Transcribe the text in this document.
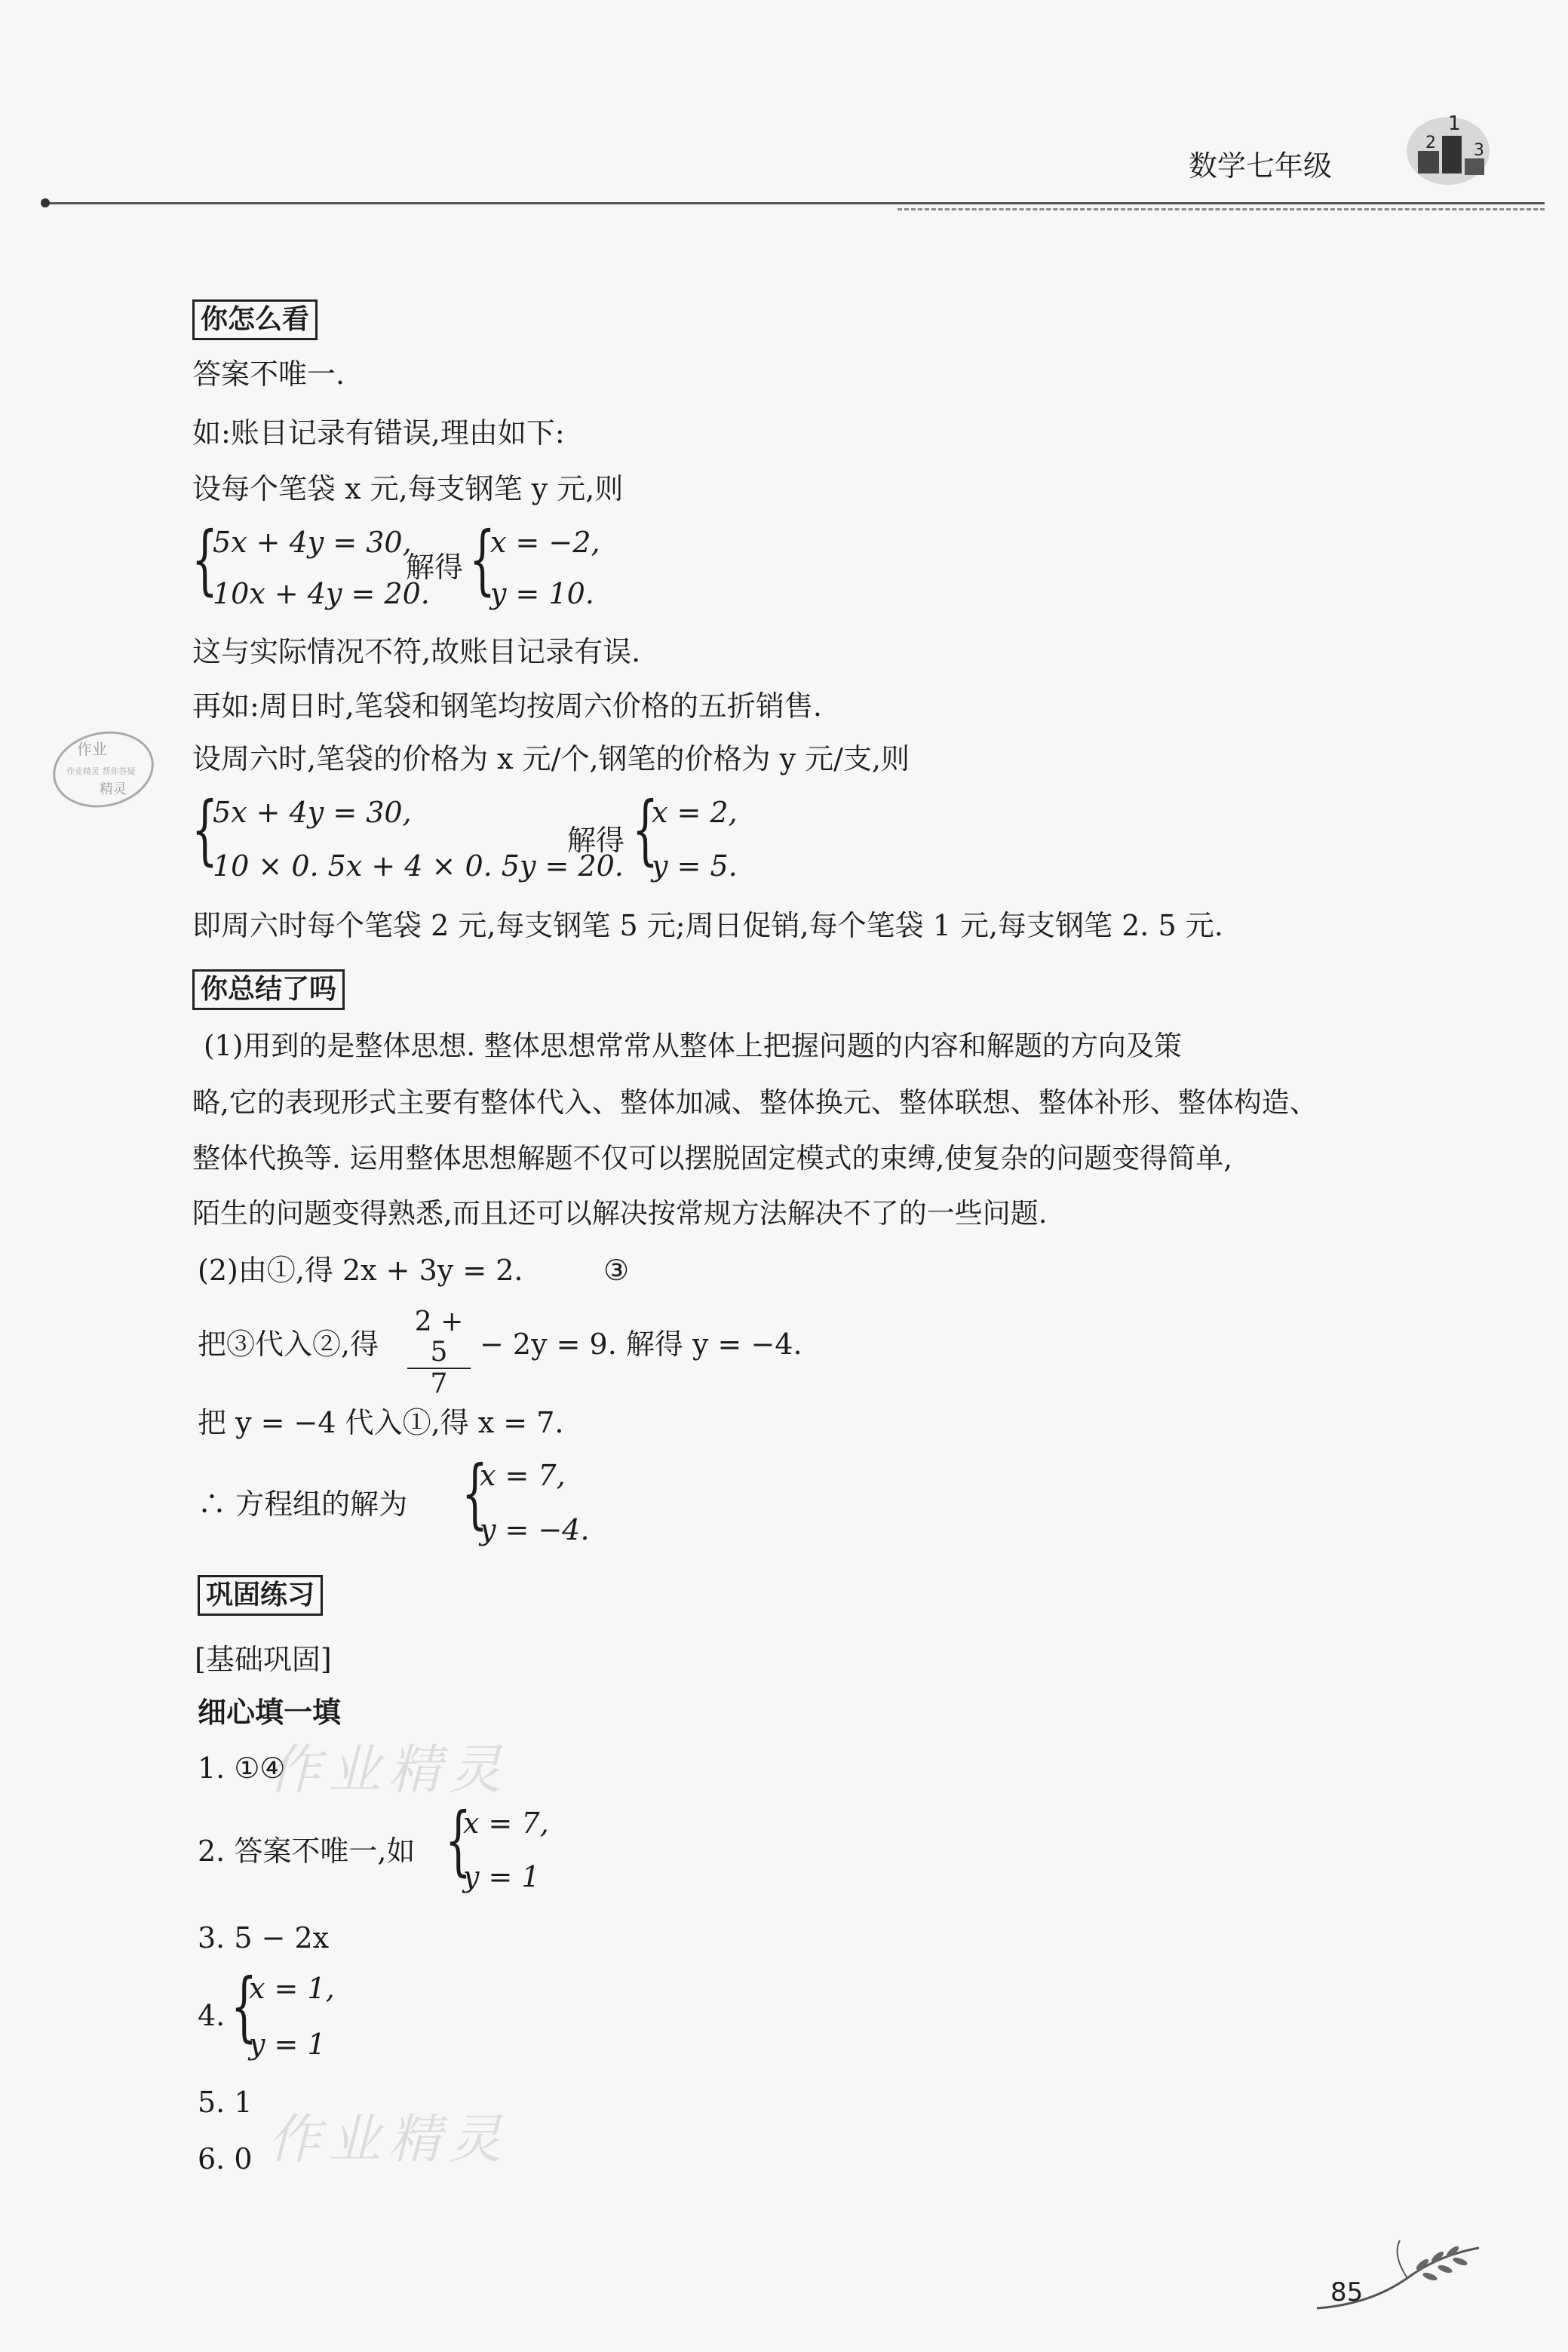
数学七年级
1
2 3
你怎么看
答案不唯一.
如:账目记录有错误,理由如下:
设每个笔袋 x 元,每支钢笔 y 元,则
{
5x + 4y = 30,
10x + 4y = 20.
解得 {
x = −2,
y = 10.
这与实际情况不符,故账目记录有误.
再如:周日时,笔袋和钢笔均按周六价格的五折销售.
设周六时,笔袋的价格为 x 元/个,钢笔的价格为 y 元/支,则
{
5x + 4y = 30,
10 × 0. 5x + 4 × 0. 5y = 20.
解得 {
x = 2,
y = 5.
即周六时每个笔袋 2 元,每支钢笔 5 元;周日促销,每个笔袋 1 元,每支钢笔 2. 5 元.
作业
作业精灵 帮你答疑
精灵
你总结了吗
(1)用到的是整体思想. 整体思想常常从整体上把握问题的内容和解题的方向及策
略,它的表现形式主要有整体代入、整体加减、整体换元、整体联想、整体补形、整体构造、
整体代换等. 运用整体思想解题不仅可以摆脱固定模式的束缚,使复杂的问题变得简单,
陌生的问题变得熟悉,而且还可以解决按常规方法解决不了的一些问题.
(2)由①,得 2x + 3y = 2.	③
把③代入②,得 $\frac{2 + 5}{7} - 2y = 9$. 解得 y = −4.
把 y = −4 代入①,得 x = 7.
∴ 方程组的解为 {
x = 7,
y = −4.
巩固练习
[基础巩固]
细心填一填
1. ①④
2. 答案不唯一,如 {
x = 7,
y = 1
3. 5 − 2x
4. {
x = 1,
y = 1
5. 1
6. 0
作业精灵
作业精灵
85
